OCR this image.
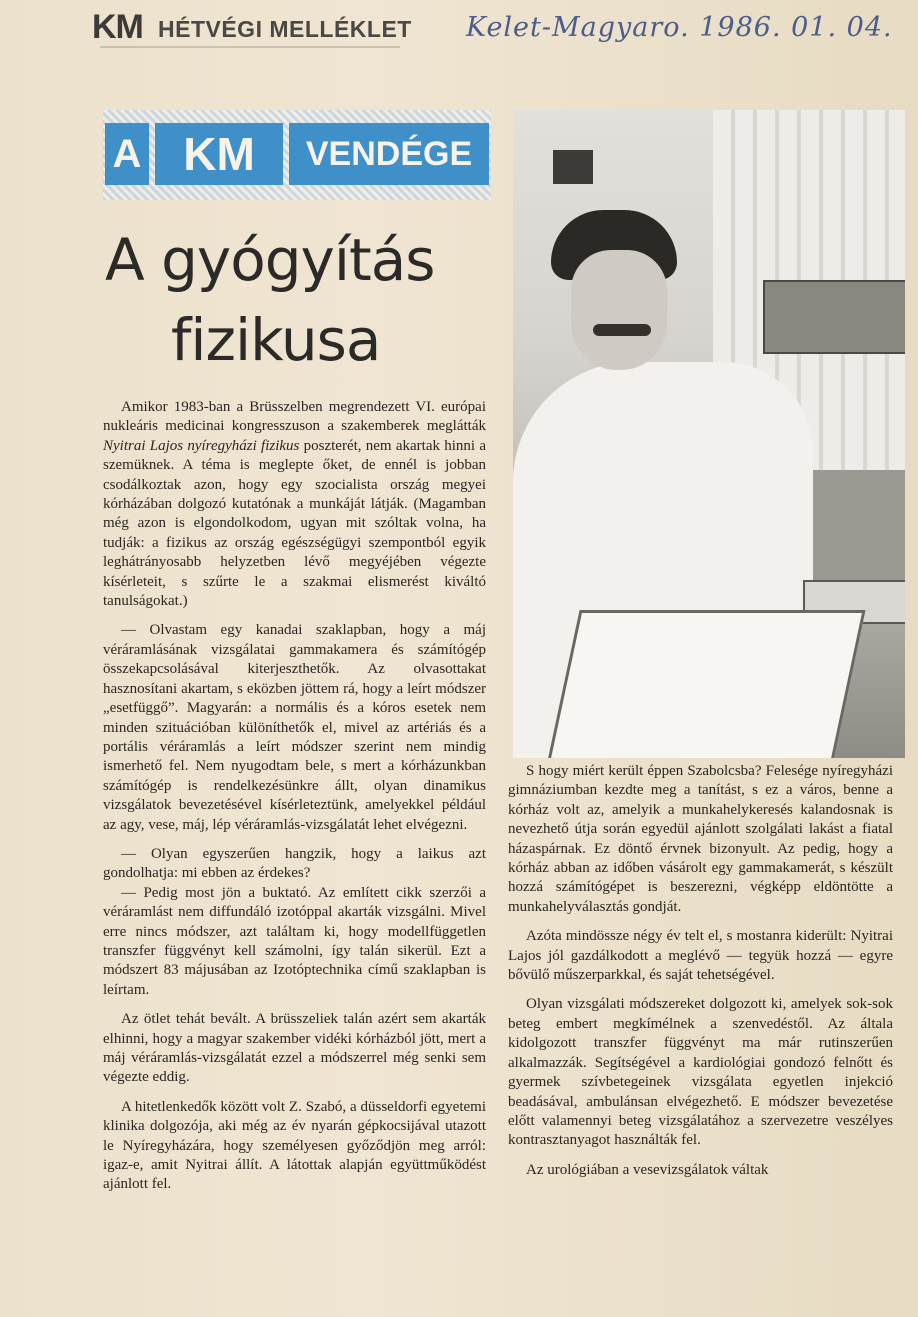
KM HÉTVÉGI MELLÉKLET Kelet-Magyaro. 1986. 01. 04.
A KM	VENDÉGE
A gyógyítás
fizikusa

Amikor 1983-ban a Brüsszelben megrendezett VI. európai nukleáris medicinai kongresszuson a szakemberek meglátták Nyitrai Lajos nyíregyházi fizikus poszterét, nem akartak hinni a szemüknek. A téma is meglepte őket, de ennél is jobban csodálkoztak azon, hogy egy szocialista ország megyei kórházában dolgozó kutatónak a munkáját látják. (Magamban még azon is elgondolkodom, ugyan mit szóltak volna, ha tudják: a fizikus az ország egészségügyi szempontból egyik leghátrányosabb helyzetben lévő megyéjében végezte kísérleteit, s szűrte le a szakmai elismerést kiváltó tanulságokat.)

— Olvastam egy kanadai szaklapban, hogy a máj véráramlásának vizsgálatai gammakamera és számítógép összekapcsolásával kiterjeszthetők. Az olvasottakat hasznosítani akartam, s eközben jöttem rá, hogy a leírt módszer „esetfüggő”. Magyarán: a normális és a kóros esetek nem minden szituációban különíthetők el, mivel az artériás és a portális véráramlás a leírt módszer szerint nem mindig ismerhető fel. Nem nyugodtam bele, s mert a kórházunkban számítógép is rendelkezésünkre állt, olyan dinamikus vizsgálatok bevezetésével kísérleteztünk, amelyekkel például az agy, vese, máj, lép véráramlás-vizsgálatát lehet elvégezni.

— Olyan egyszerűen hangzik, hogy a laikus azt gondolhatja: mi ebben az érdekes?

— Pedig most jön a buktató. Az említett cikk szerzői a véráramlást nem diffundáló izotóppal akarták vizsgálni. Mivel erre nincs módszer, azt találtam ki, hogy modellfüggetlen transzfer függvényt kell számolni, így talán sikerül. Ezt a módszert 83 májusában az Izotóptechnika című szaklapban is leírtam.

Az ötlet tehát bevált. A brüsszeliek talán azért sem akarták elhinni, hogy a magyar szakember vidéki kórházból jött, mert a máj véráramlás-vizsgálatát ezzel a módszerrel még senki sem végezte eddig.

A hitetlenkedők között volt Z. Szabó, a düsseldorfi egyetemi klinika dolgozója, aki még az év nyarán gépkocsijával utazott le Nyíregyházára, hogy személyesen győződjön meg arról: igaz-e, amit Nyitrai állít. A látottak alapján együttműködést ajánlott fel.

S hogy miért került éppen Szabolcsba? Felesége nyíregyházi gimnáziumban kezdte meg a tanítást, s ez a város, benne a kórház volt az, amelyik a munkahelykeresés kalandosnak is nevezhető útja során egyedül ajánlott szolgálati lakást a fiatal házaspárnak. Ez döntő érvnek bizonyult. Az pedig, hogy a kórház abban az időben vásárolt egy gammakamerát, s készült hozzá számítógépet is beszerezni, végképp eldöntötte a munkahelyválasztás gondját.

Azóta mindössze négy év telt el, s mostanra kiderült: Nyitrai Lajos jól gazdálkodott a meglévő — tegyük hozzá — egyre bővülő műszerparkkal, és saját tehetségével.

Olyan vizsgálati módszereket dolgozott ki, amelyek sok-sok beteg embert megkímélnek a szenvedéstől. Az általa kidolgozott transzfer függvényt ma már rutinszerűen alkalmazzák. Segítségével a kardiológiai gondozó felnőtt és gyermek szívbetegeinek vizsgálata egyetlen injekció beadásával, ambulánsan elvégezhető. E módszer bevezetése előtt valamennyi beteg vizsgálatához a szervezetre veszélyes kontrasztanyagot használták fel.

Az urológiában a vesevizsgálatok váltak
